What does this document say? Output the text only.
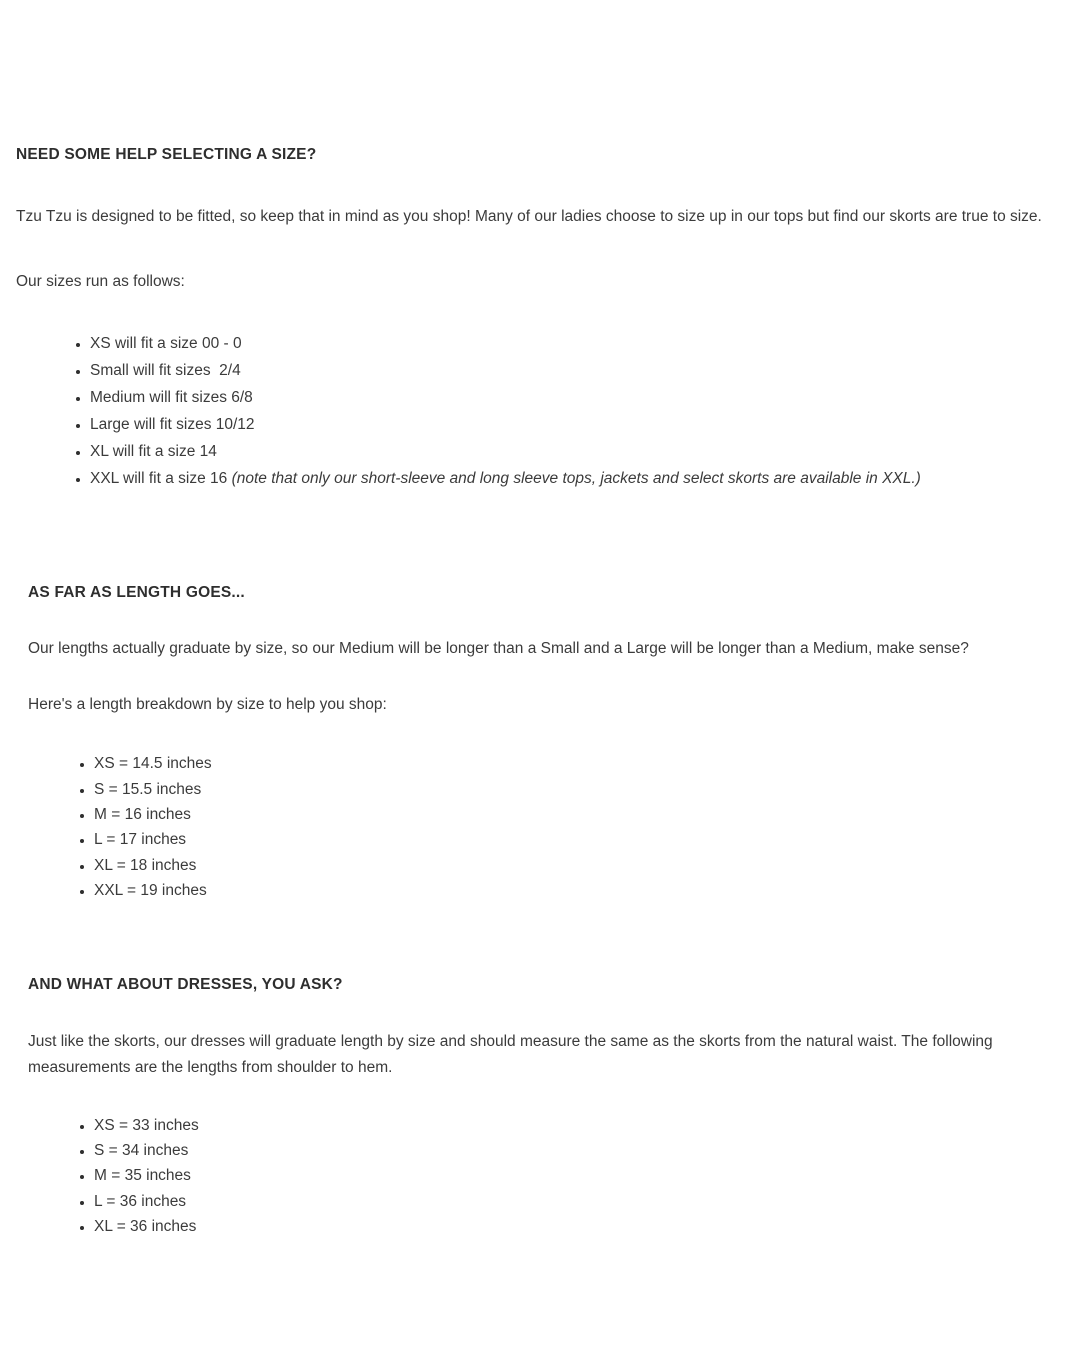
NEED SOME HELP SELECTING A SIZE?

Tzu Tzu is designed to be fitted, so keep that in mind as you shop! Many of our ladies choose to size up in our tops but find our skorts are true to size.

Our sizes run as follows:

• XS will fit a size 00 - 0
• Small will fit sizes  2/4
• Medium will fit sizes 6/8
• Large will fit sizes 10/12
• XL will fit a size 14
• XXL will fit a size 16 (note that only our short-sleeve and long sleeve tops, jackets and select skorts are available in XXL.)
AS FAR AS LENGTH GOES...

Our lengths actually graduate by size, so our Medium will be longer than a Small and a Large will be longer than a Medium, make sense?

Here's a length breakdown by size to help you shop:

• XS = 14.5 inches
• S = 15.5 inches
• M = 16 inches
• L = 17 inches
• XL = 18 inches
• XXL = 19 inches
AND WHAT ABOUT DRESSES, YOU ASK?

Just like the skorts, our dresses will graduate length by size and should measure the same as the skorts from the natural waist. The following measurements are the lengths from shoulder to hem.

• XS = 33 inches
• S = 34 inches
• M = 35 inches
• L = 36 inches
• XL = 36 inches
